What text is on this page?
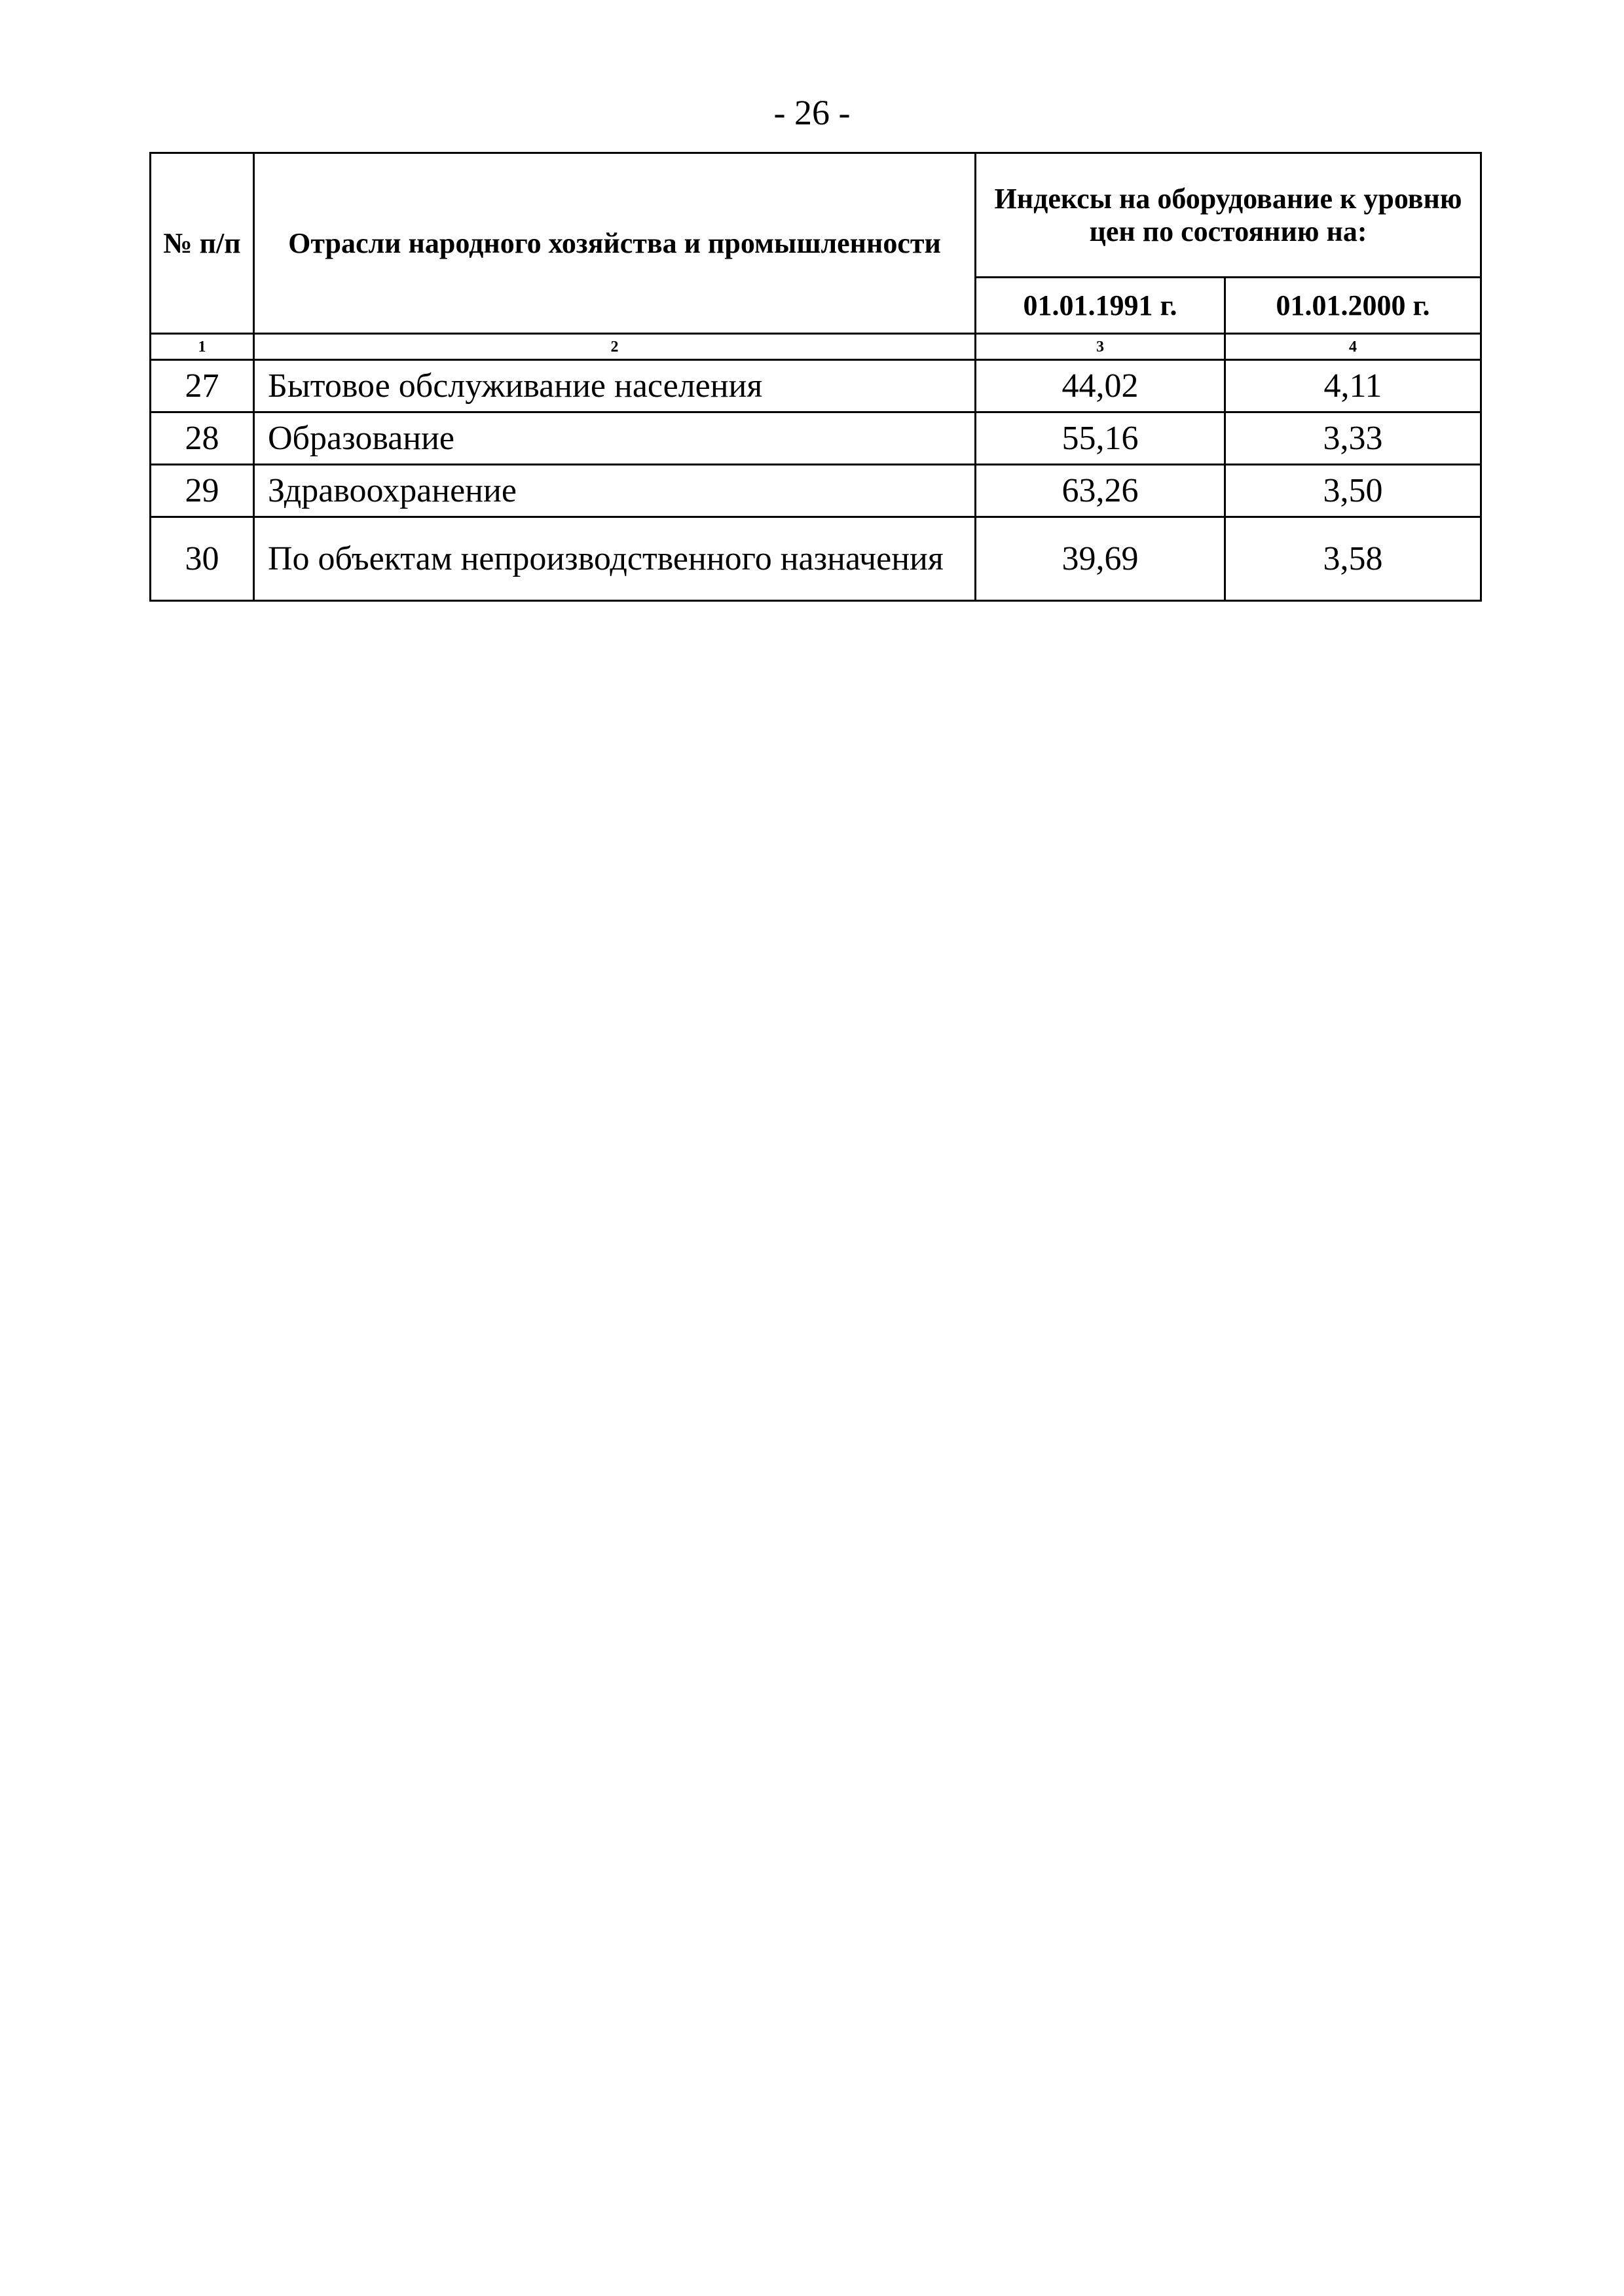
- 26 -
№ п/п	Отрасли народного хозяйства и промышленности	Индексы на оборудование к уровню цен по состоянию на:	
		01.01.1991 г.	01.01.2000 г.
1	2	3	4
27	Бытовое обслуживание населения	44,02	4,11
28	Образование	55,16	3,33
29	Здравоохранение	63,26	3,50
30	По объектам непроизводственного назначения	39,69	3,58
